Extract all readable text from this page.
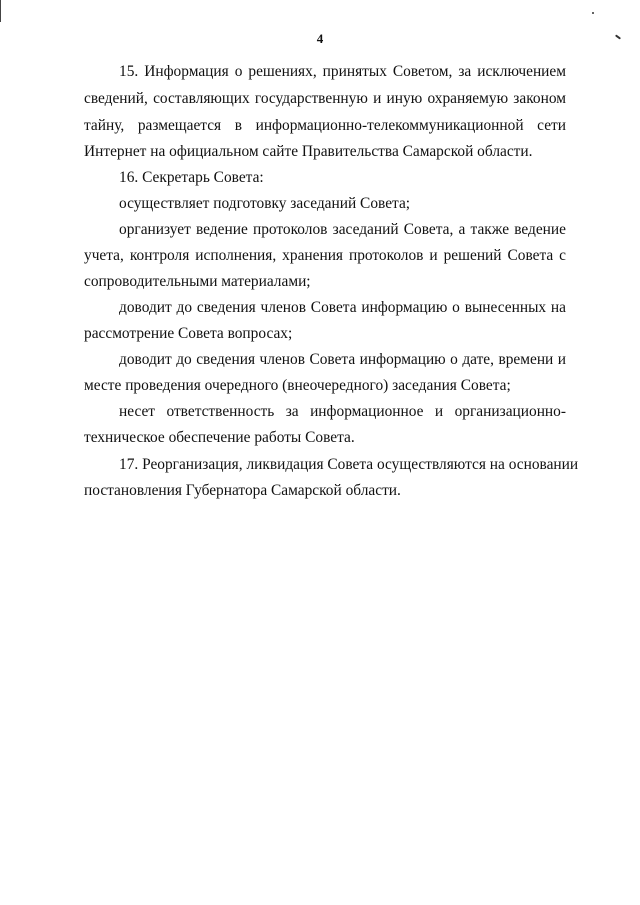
4
15. Информация о решениях, принятых Советом, за исключением
сведений, составляющих государственную и иную охраняемую законом
тайну, размещается в информационно-телекоммуникационной сети
Интернет на официальном сайте Правительства Самарской области.
16. Секретарь Совета:
осуществляет подготовку заседаний Совета;
организует ведение протоколов заседаний Совета, а также ведение
учета, контроля исполнения, хранения протоколов и решений Совета с
сопроводительными материалами;
доводит до сведения членов Совета информацию о вынесенных на
рассмотрение Совета вопросах;
доводит до сведения членов Совета информацию о дате, времени и
месте проведения очередного (внеочередного) заседания Совета;
несет ответственность за информационное и организационно-
техническое обеспечение работы Совета.
17. Реорганизация, ликвидация Совета осуществляются на основании
постановления Губернатора Самарской области.
